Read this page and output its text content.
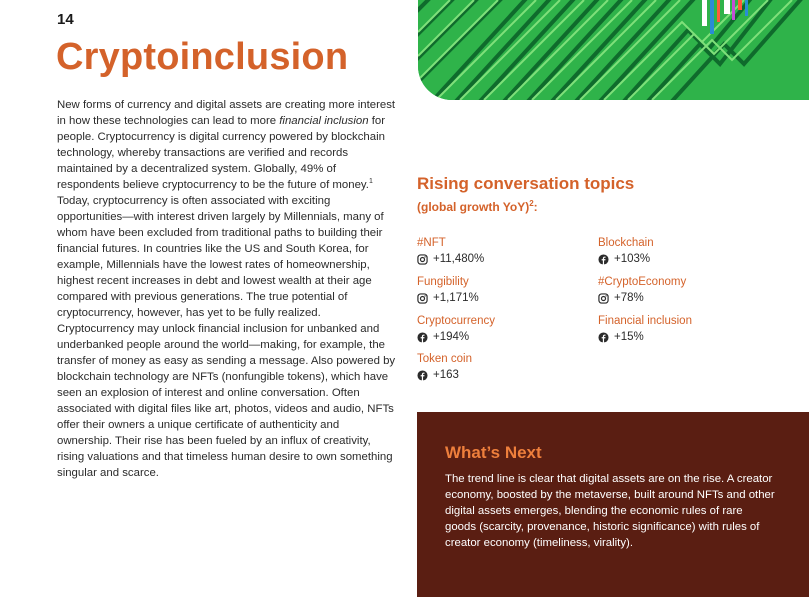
14
Cryptoinclusion

New forms of currency and digital assets are creating more interest in how these technologies can lead to more financial inclusion for people. Cryptocurrency is digital currency powered by blockchain technology, whereby transactions are verified and records maintained by a decentralized system. Globally, 49% of respondents believe cryptocurrency to be the future of money.$^1$
Today, cryptocurrency is often associated with exciting opportunities—with interest driven largely by Millennials, many of whom have been excluded from traditional paths to building their financial futures. In countries like the US and South Korea, for example, Millennials have the lowest rates of homeownership, highest recent increases in debt and lowest wealth at their age compared with previous generations. The true potential of cryptocurrency, however, has yet to be fully realized. Cryptocurrency may unlock financial inclusion for unbanked and underbanked people around the world—making, for example, the transfer of money as easy as sending a message. Also powered by blockchain technology are NFTs (nonfungible tokens), which have seen an explosion of interest and online conversation. Often associated with digital files like art, photos, videos and audio, NFTs offer their owners a unique certificate of authenticity and ownership. Their rise has been fueled by an influx of creativity, rising valuations and that timeless human desire to own something singular and scarce.

Rising conversation topics
(global growth YoY)$^2$:
#NFT
+11,480%
Blockchain
+103%
Fungibility
+1,171%
#CryptoEconomy
+78%
Cryptocurrency
+194%
Financial inclusion
+15%
Token coin
+163
What’s Next

The trend line is clear that digital assets are on the rise. A creator economy, boosted by the metaverse, built around NFTs and other digital assets emerges, blending the economic rules of rare goods (scarcity, provenance, historic significance) with rules of creator economy (timeliness, virality).
